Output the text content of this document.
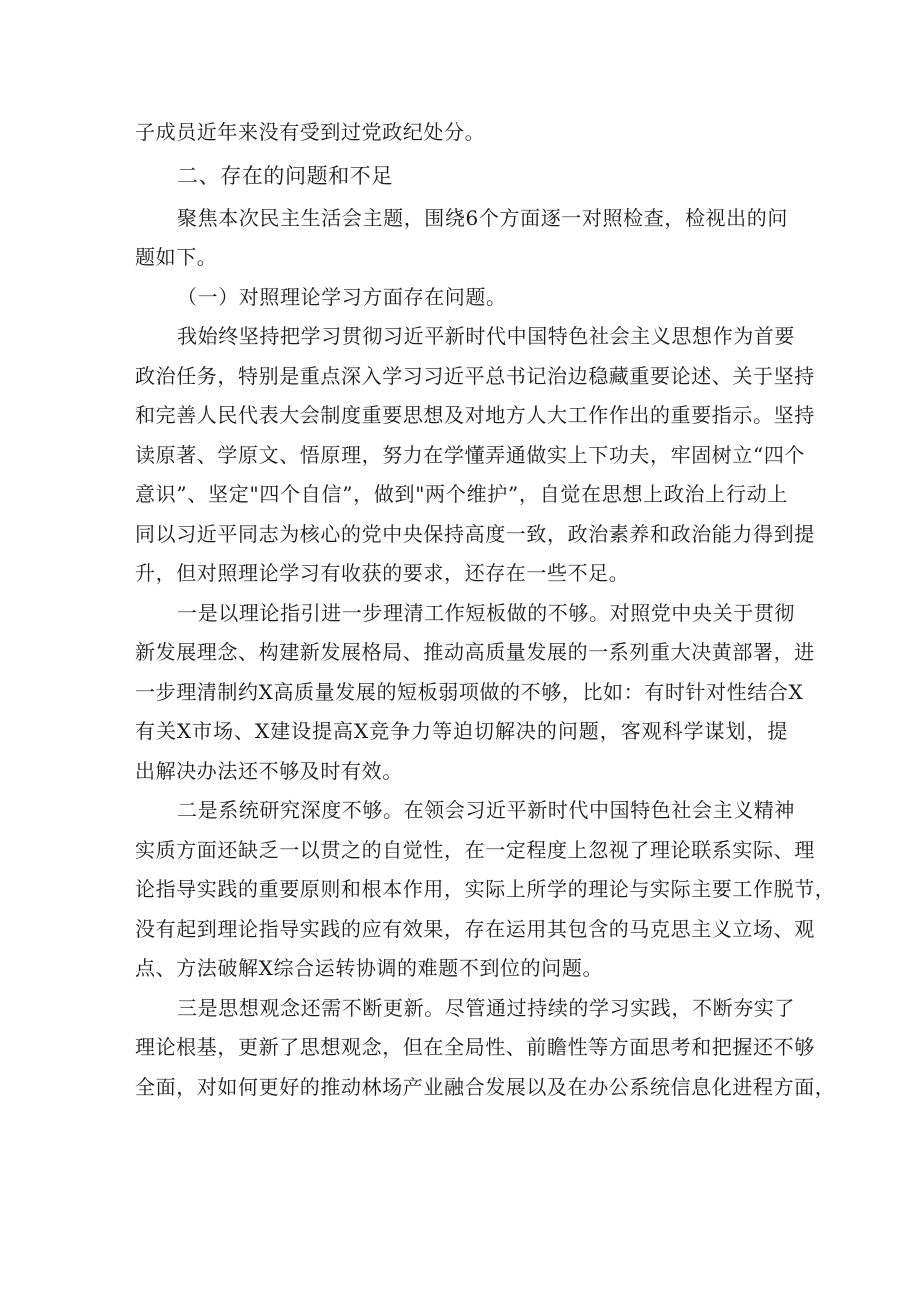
子成员近年来没有受到过党政纪处分。
二、存在的问题和不足
聚焦本次民主生活会主题，围绕6个方面逐一对照检查，检视出的问
题如下。
（一）对照理论学习方面存在问题。
我始终坚持把学习贯彻习近平新时代中国特色社会主义思想作为首要
政治任务，特别是重点深入学习习近平总书记治边稳藏重要论述、关于坚持
和完善人民代表大会制度重要思想及对地方人大工作作出的重要指示。坚持
读原著、学原文、悟原理，努力在学懂弄通做实上下功夫，牢固树立“四个
意识”、坚定"四个自信”，做到"两个维护”，自觉在思想上政治上行动上
同以习近平同志为核心的党中央保持高度一致，政治素养和政治能力得到提
升，但对照理论学习有收获的要求，还存在一些不足。
一是以理论指引进一步理清工作短板做的不够。对照党中央关于贯彻
新发展理念、构建新发展格局、推动高质量发展的一系列重大决黄部署，进
一步理清制约X高质量发展的短板弱项做的不够，比如：有时针对性结合X
有关X市场、X建设提高X竞争力等迫切解决的问题，客观科学谋划，提
出解决办法还不够及时有效。
二是系统研究深度不够。在领会习近平新时代中国特色社会主义精神
实质方面还缺乏一以贯之的自觉性，在一定程度上忽视了理论联系实际、理
论指导实践的重要原则和根本作用，实际上所学的理论与实际主要工作脱节，
没有起到理论指导实践的应有效果，存在运用其包含的马克思主义立场、观
点、方法破解X综合运转协调的难题不到位的问题。
三是思想观念还需不断更新。尽管通过持续的学习实践，不断夯实了
理论根基，更新了思想观念，但在全局性、前瞻性等方面思考和把握还不够
全面，对如何更好的推动林场产业融合发展以及在办公系统信息化进程方面，
